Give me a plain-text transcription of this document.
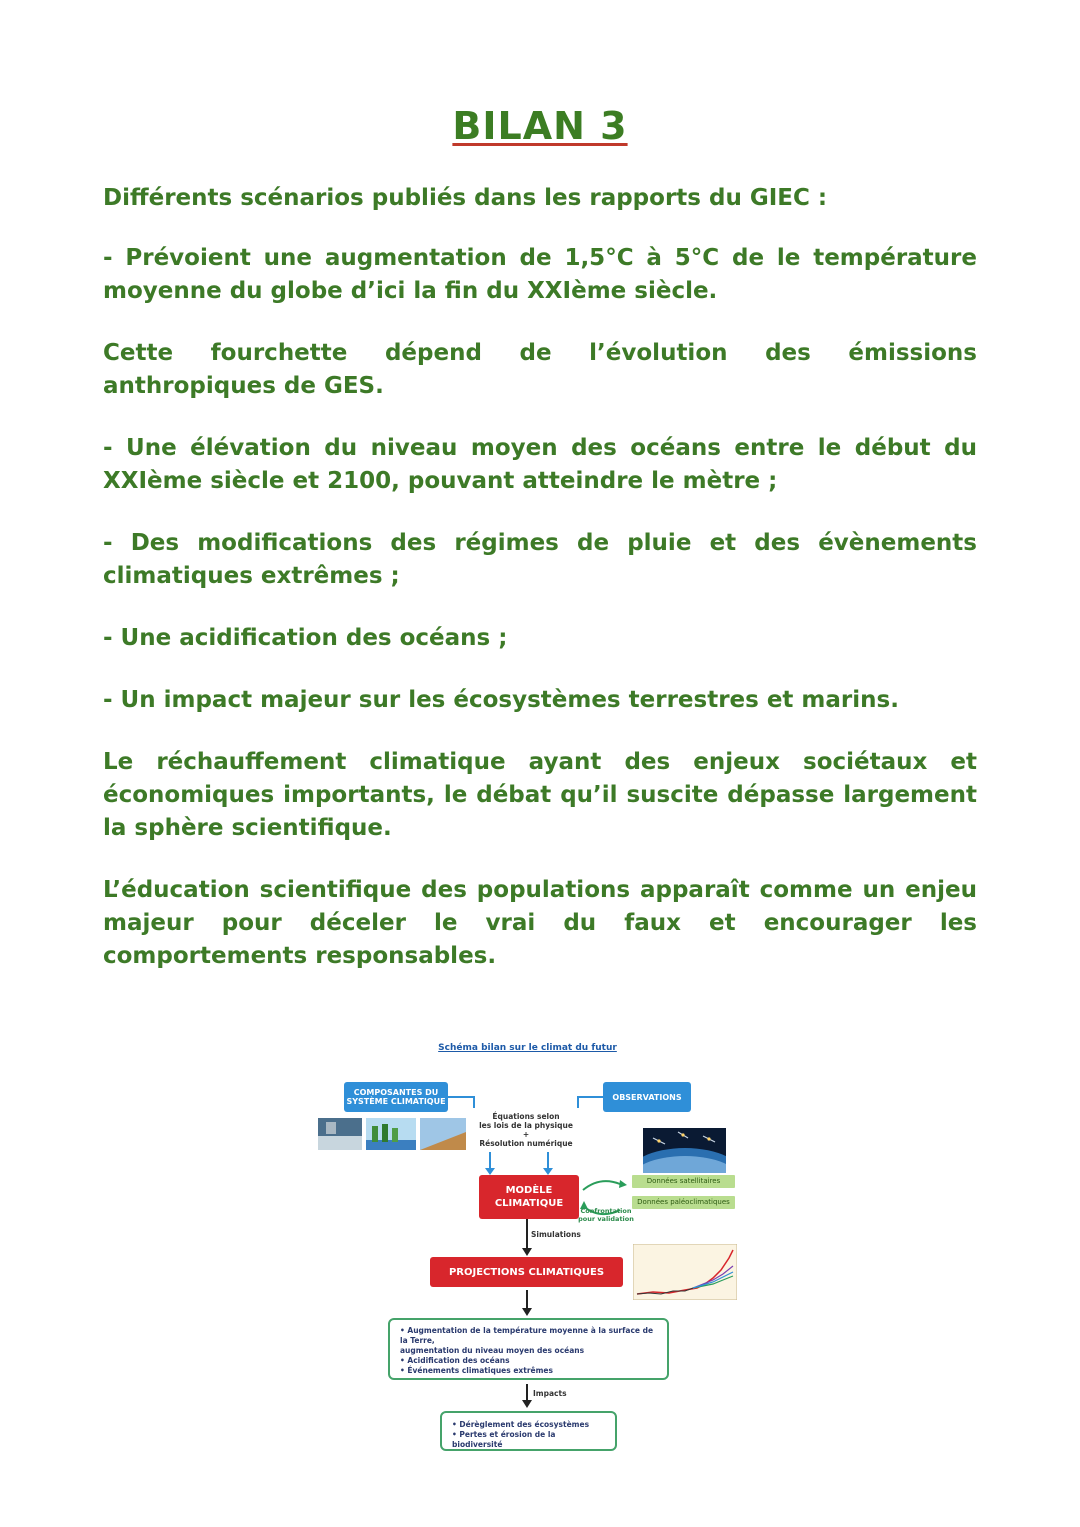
BILAN 3

Différents scénarios publiés dans les rapports du GIEC :

- Prévoient une augmentation de 1,5°C à 5°C de le température moyenne du globe d’ici la fin du XXIème siècle.

Cette fourchette dépend de l’évolution des émissions anthropiques de GES.

- Une élévation du niveau moyen des océans entre le début du XXIème siècle et 2100, pouvant atteindre le mètre ;

- Des modifications des régimes de pluie et des évènements climatiques extrêmes ;

- Une acidification des océans ;

- Un impact majeur sur les écosystèmes terrestres et marins.

Le réchauffement climatique ayant des enjeux sociétaux et économiques importants, le débat qu’il suscite dépasse largement la sphère scientifique.

L’éducation scientifique des populations apparaît comme un enjeu majeur pour déceler le vrai du faux et encourager les comportements responsables.

Schéma bilan sur le climat du futur
COMPOSANTES DU
SYSTÈME CLIMATIQUE	OBSERVATIONS
Équations selon
les lois de la physique
+
Résolution numérique
MODÈLE
CLIMATIQUE
Données satellitaires
Données paléoclimatiques
Confrontation
pour validation
Simulations
PROJECTIONS CLIMATIQUES
• Augmentation de la température moyenne à la surface de la Terre,
augmentation du niveau moyen des océans
• Acidification des océans
• Événements climatiques extrêmes
Impacts
• Dérèglement des écosystèmes
• Pertes et érosion de la biodiversité
